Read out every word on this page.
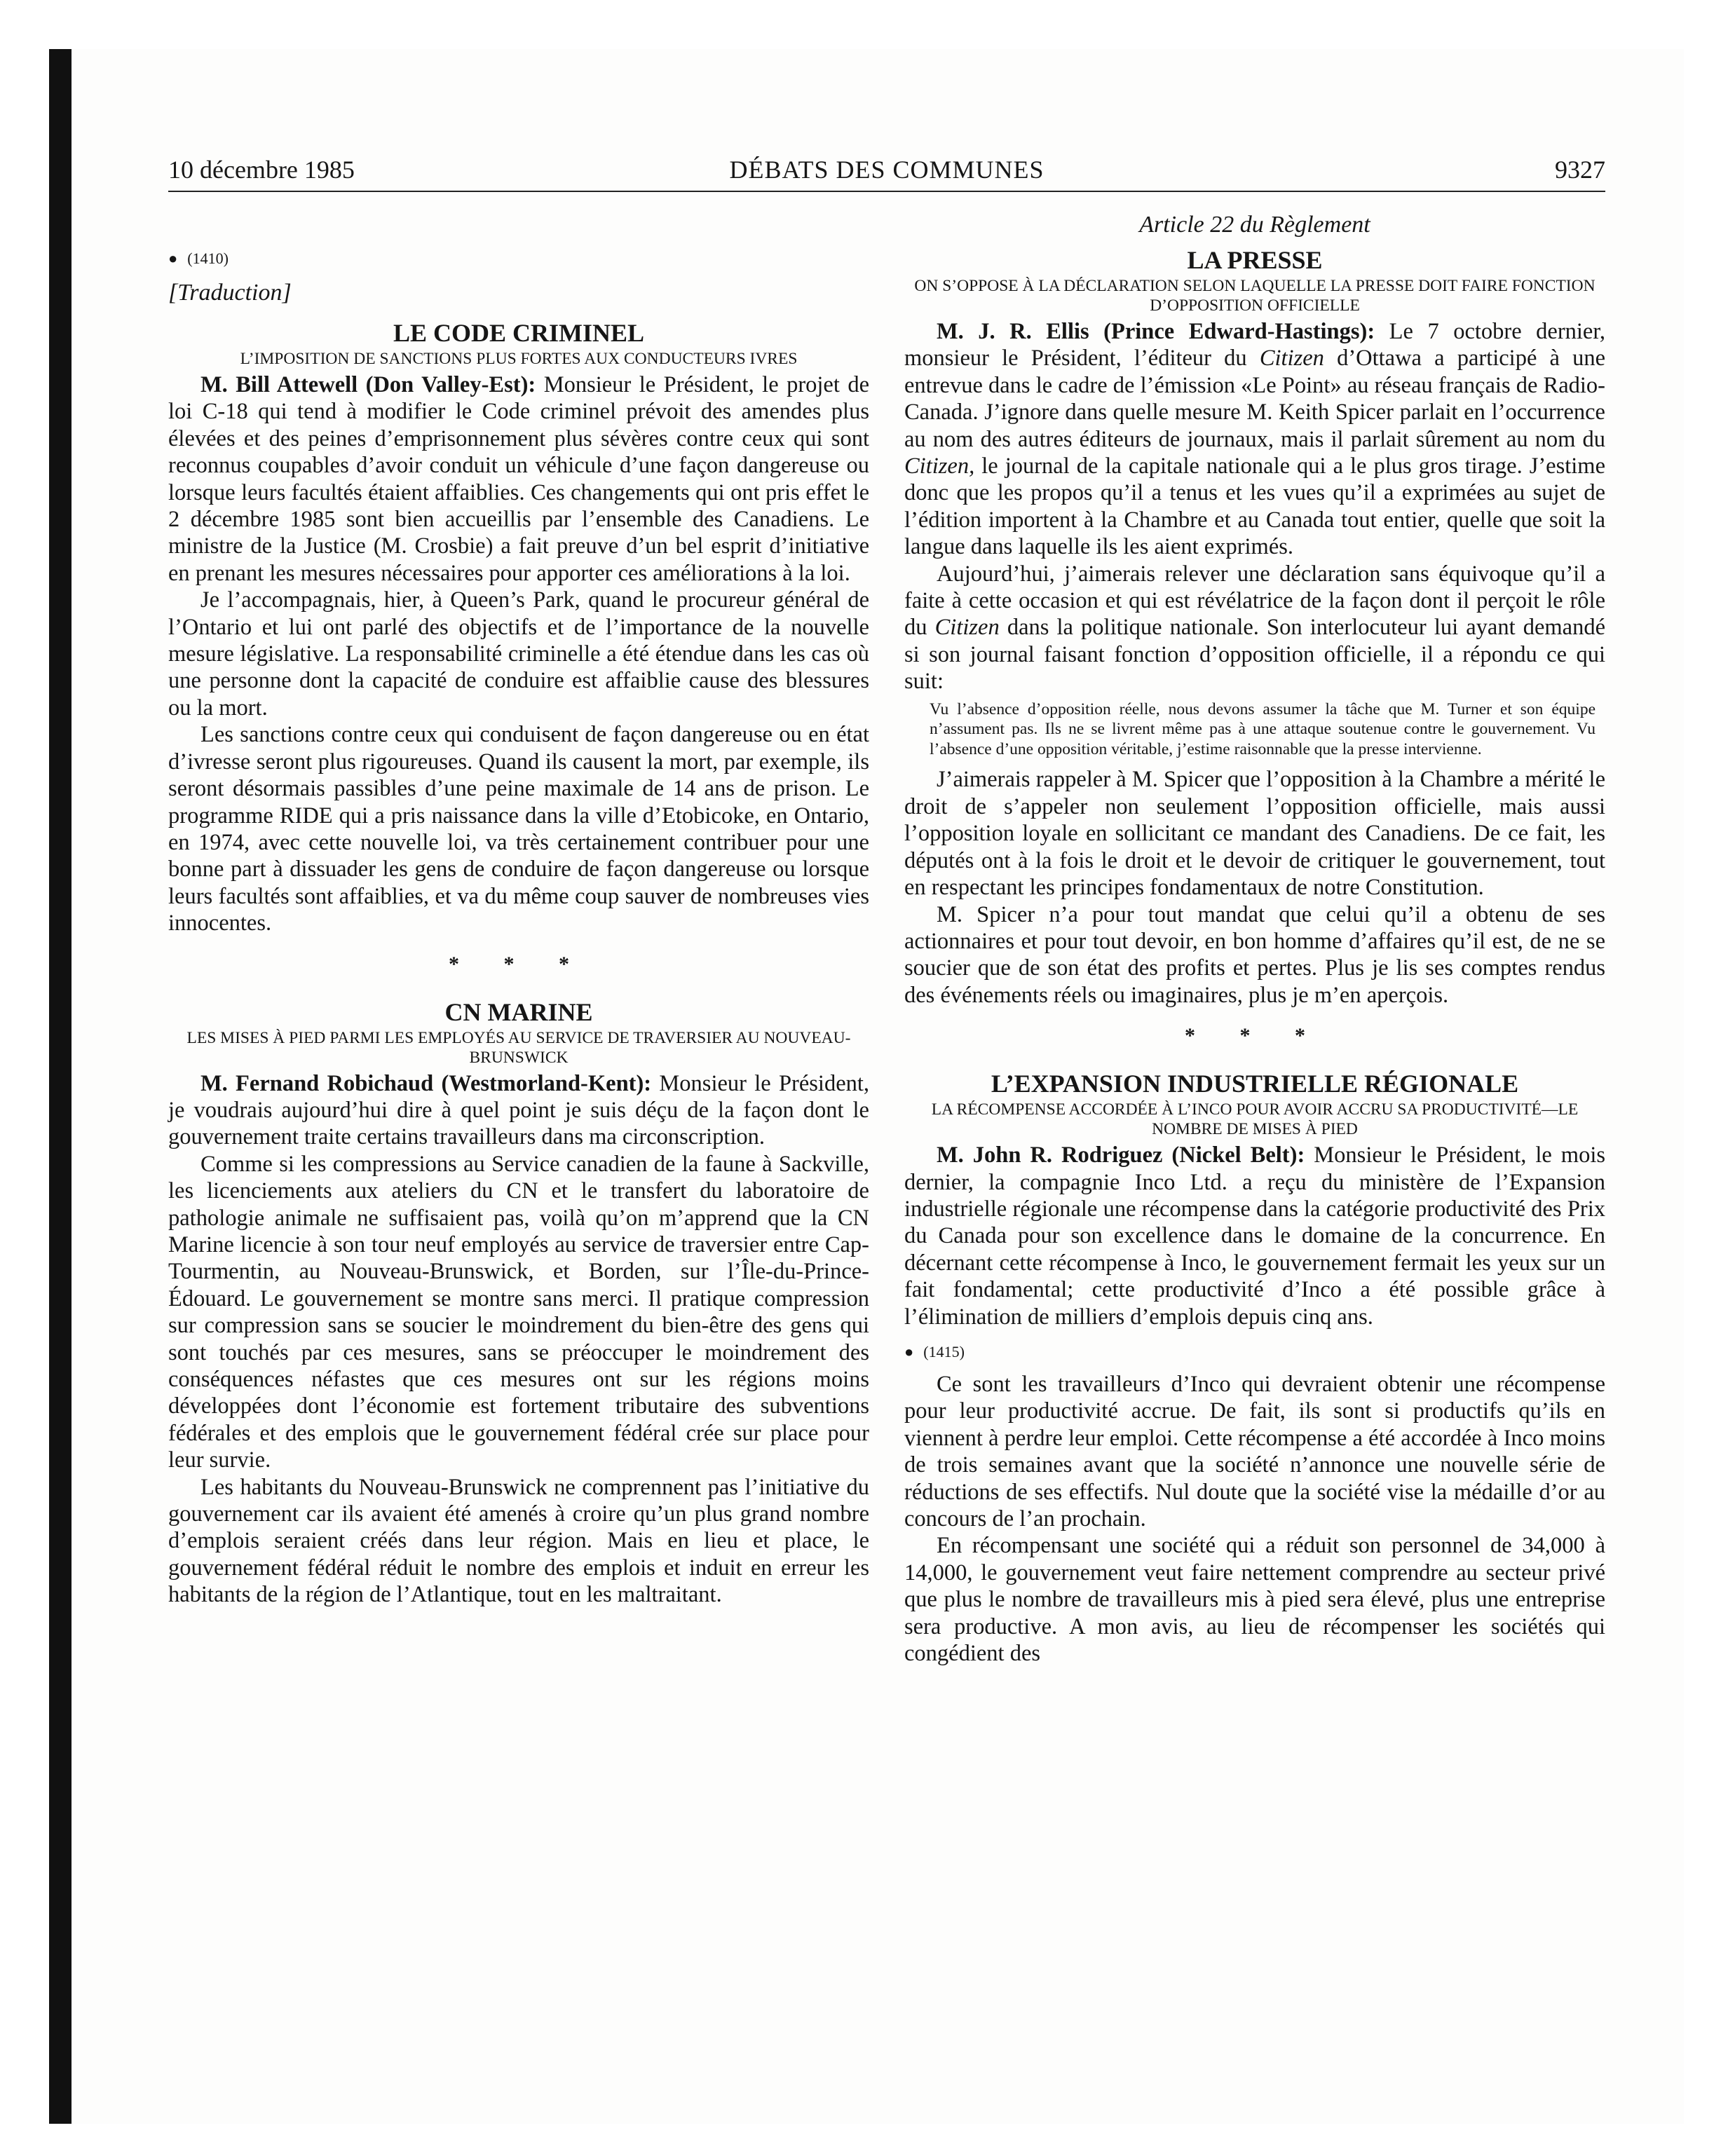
10 décembre 1985	DÉBATS DES COMMUNES	9327
● (1410)
[Traduction]
LE CODE CRIMINEL
L’IMPOSITION DE SANCTIONS PLUS FORTES AUX CONDUCTEURS IVRES

M. Bill Attewell (Don Valley-Est): Monsieur le Président, le projet de loi C-18 qui tend à modifier le Code criminel prévoit des amendes plus élevées et des peines d’emprisonnement plus sévères contre ceux qui sont reconnus coupables d’avoir conduit un véhicule d’une façon dangereuse ou lorsque leurs facultés étaient affaiblies. Ces changements qui ont pris effet le 2 décembre 1985 sont bien accueillis par l’ensemble des Canadiens. Le ministre de la Justice (M. Crosbie) a fait preuve d’un bel esprit d’initiative en prenant les mesures nécessaires pour apporter ces améliorations à la loi.

Je l’accompagnais, hier, à Queen’s Park, quand le procureur général de l’Ontario et lui ont parlé des objectifs et de l’importance de la nouvelle mesure législative. La responsabilité criminelle a été étendue dans les cas où une personne dont la capacité de conduire est affaiblie cause des blessures ou la mort.

Les sanctions contre ceux qui conduisent de façon dangereuse ou en état d’ivresse seront plus rigoureuses. Quand ils causent la mort, par exemple, ils seront désormais passibles d’une peine maximale de 14 ans de prison. Le programme RIDE qui a pris naissance dans la ville d’Etobicoke, en Ontario, en 1974, avec cette nouvelle loi, va très certainement contribuer pour une bonne part à dissuader les gens de conduire de façon dangereuse ou lorsque leurs facultés sont affaiblies, et va du même coup sauver de nombreuses vies innocentes.

* * *
CN MARINE
LES MISES À PIED PARMI LES EMPLOYÉS AU SERVICE DE TRAVERSIER AU NOUVEAU-BRUNSWICK

M. Fernand Robichaud (Westmorland-Kent): Monsieur le Président, je voudrais aujourd’hui dire à quel point je suis déçu de la façon dont le gouvernement traite certains travailleurs dans ma circonscription.

Comme si les compressions au Service canadien de la faune à Sackville, les licenciements aux ateliers du CN et le transfert du laboratoire de pathologie animale ne suffisaient pas, voilà qu’on m’apprend que la CN Marine licencie à son tour neuf employés au service de traversier entre Cap-Tourmentin, au Nouveau-Brunswick, et Borden, sur l’Île-du-Prince-Édouard. Le gouvernement se montre sans merci. Il pratique compression sur compression sans se soucier le moindrement du bien-être des gens qui sont touchés par ces mesures, sans se préoccuper le moindrement des conséquences néfastes que ces mesures ont sur les régions moins développées dont l’économie est fortement tributaire des subventions fédérales et des emplois que le gouvernement fédéral crée sur place pour leur survie.

Les habitants du Nouveau-Brunswick ne comprennent pas l’initiative du gouvernement car ils avaient été amenés à croire qu’un plus grand nombre d’emplois seraient créés dans leur région. Mais en lieu et place, le gouvernement fédéral réduit le nombre des emplois et induit en erreur les habitants de la région de l’Atlantique, tout en les maltraitant.

Article 22 du Règlement
LA PRESSE
ON S’OPPOSE À LA DÉCLARATION SELON LAQUELLE LA PRESSE DOIT FAIRE FONCTION D’OPPOSITION OFFICIELLE

M. J. R. Ellis (Prince Edward-Hastings): Le 7 octobre dernier, monsieur le Président, l’éditeur du Citizen d’Ottawa a participé à une entrevue dans le cadre de l’émission «Le Point» au réseau français de Radio-Canada. J’ignore dans quelle mesure M. Keith Spicer parlait en l’occurrence au nom des autres éditeurs de journaux, mais il parlait sûrement au nom du Citizen, le journal de la capitale nationale qui a le plus gros tirage. J’estime donc que les propos qu’il a tenus et les vues qu’il a exprimées au sujet de l’édition importent à la Chambre et au Canada tout entier, quelle que soit la langue dans laquelle ils les aient exprimés.

Aujourd’hui, j’aimerais relever une déclaration sans équivoque qu’il a faite à cette occasion et qui est révélatrice de la façon dont il perçoit le rôle du Citizen dans la politique nationale. Son interlocuteur lui ayant demandé si son journal faisant fonction d’opposition officielle, il a répondu ce qui suit:

Vu l’absence d’opposition réelle, nous devons assumer la tâche que M. Turner et son équipe n’assument pas. Ils ne se livrent même pas à une attaque soutenue contre le gouvernement. Vu l’absence d’une opposition véritable, j’estime raisonnable que la presse intervienne.

J’aimerais rappeler à M. Spicer que l’opposition à la Chambre a mérité le droit de s’appeler non seulement l’opposition officielle, mais aussi l’opposition loyale en sollicitant ce mandant des Canadiens. De ce fait, les députés ont à la fois le droit et le devoir de critiquer le gouvernement, tout en respectant les principes fondamentaux de notre Constitution.

M. Spicer n’a pour tout mandat que celui qu’il a obtenu de ses actionnaires et pour tout devoir, en bon homme d’affaires qu’il est, de ne se soucier que de son état des profits et pertes. Plus je lis ses comptes rendus des événements réels ou imaginaires, plus je m’en aperçois.

* * *
L’EXPANSION INDUSTRIELLE RÉGIONALE
LA RÉCOMPENSE ACCORDÉE À L’INCO POUR AVOIR ACCRU SA PRODUCTIVITÉ—LE NOMBRE DE MISES À PIED

M. John R. Rodriguez (Nickel Belt): Monsieur le Président, le mois dernier, la compagnie Inco Ltd. a reçu du ministère de l’Expansion industrielle régionale une récompense dans la catégorie productivité des Prix du Canada pour son excellence dans le domaine de la concurrence. En décernant cette récompense à Inco, le gouvernement fermait les yeux sur un fait fondamental; cette productivité d’Inco a été possible grâce à l’élimination de milliers d’emplois depuis cinq ans.

● (1415)

Ce sont les travailleurs d’Inco qui devraient obtenir une récompense pour leur productivité accrue. De fait, ils sont si productifs qu’ils en viennent à perdre leur emploi. Cette récompense a été accordée à Inco moins de trois semaines avant que la société n’annonce une nouvelle série de réductions de ses effectifs. Nul doute que la société vise la médaille d’or au concours de l’an prochain.

En récompensant une société qui a réduit son personnel de 34,000 à 14,000, le gouvernement veut faire nettement comprendre au secteur privé que plus le nombre de travailleurs mis à pied sera élevé, plus une entreprise sera productive. A mon avis, au lieu de récompenser les sociétés qui congédient des
